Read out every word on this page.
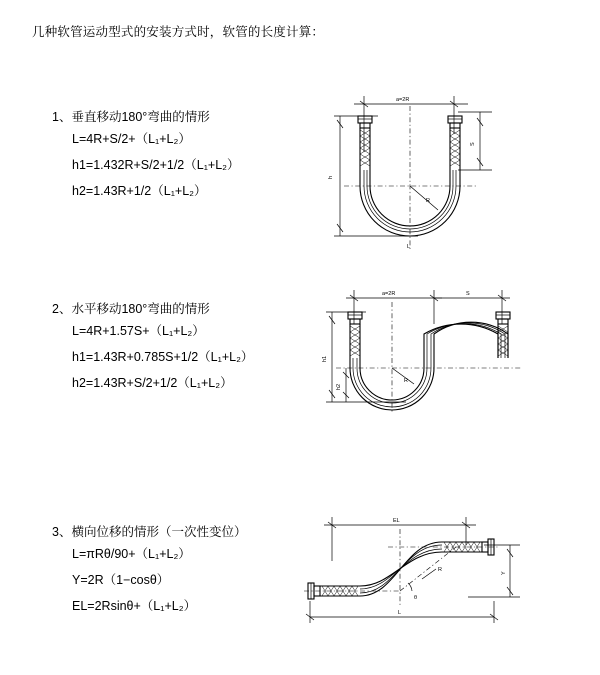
几种软管运动型式的安装方式时，软管的长度计算：
1、垂直移动180°弯曲的情形
L=4R+S/2+（L₁+L₂）
h1=1.432R+S/2+1/2（L₁+L₂）
h2=1.43R+1/2（L₁+L₂）
a=2R
h
S
R
L
2、水平移动180°弯曲的情形
L=4R+1.57S+（L₁+L₂）
h1=1.43R+0.785S+1/2（L₁+L₂）
h2=1.43R+S/2+1/2（L₁+L₂）
a=2R	S
h1
h2
R
3、横向位移的情形（一次性变位）
L=πRθ/90+（L₁+L₂）
Y=2R（1−cosθ）
EL=2Rsinθ+（L₁+L₂）
EL
Y
L
θ
R
